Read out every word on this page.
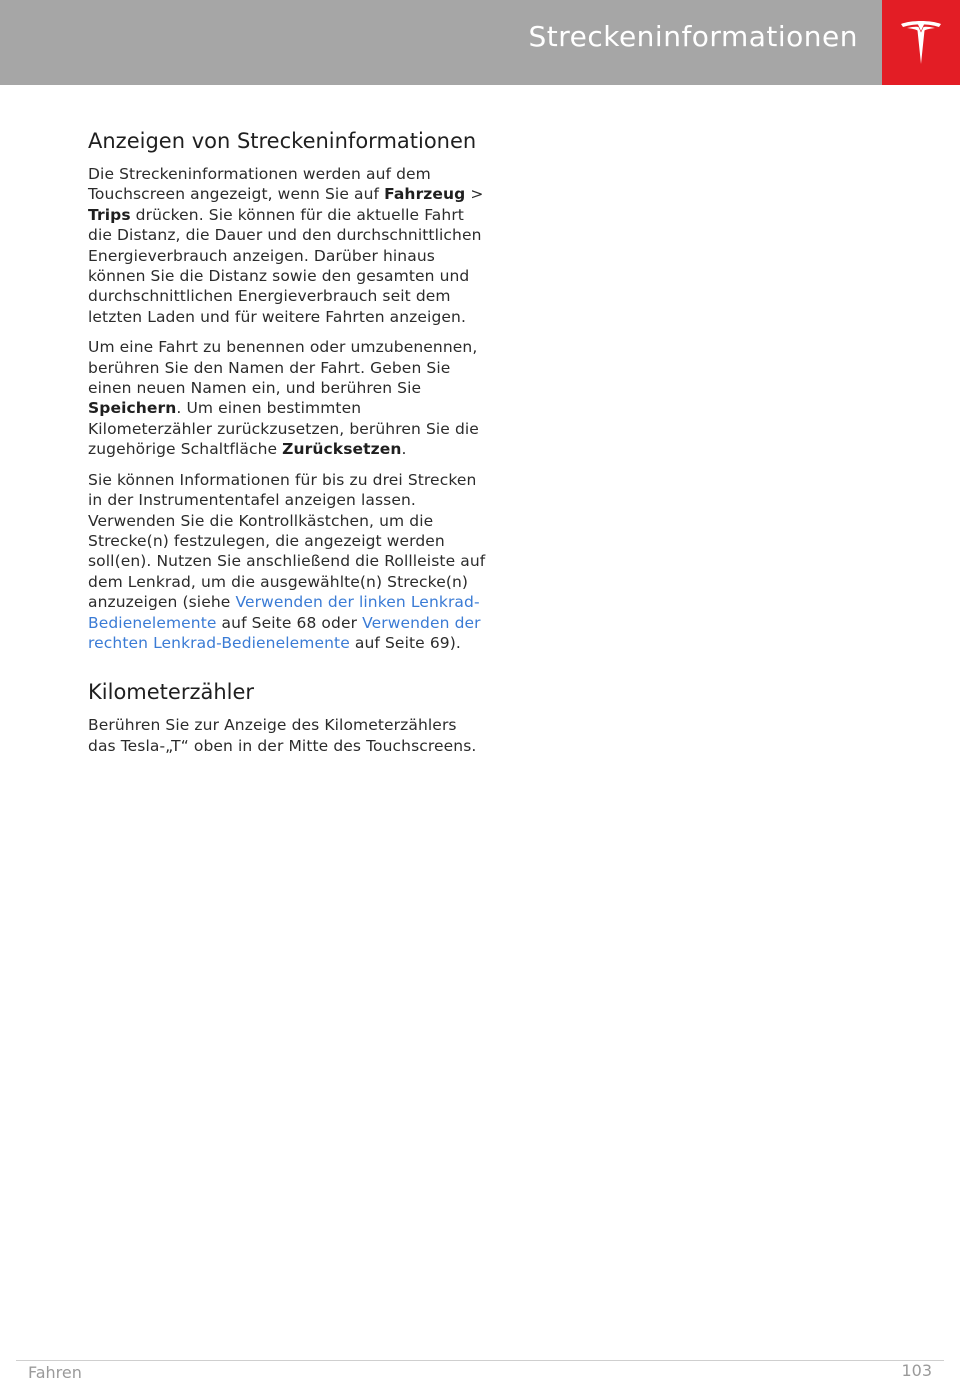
Streckeninformationen
Anzeigen von Streckeninformationen

Die Streckeninformationen werden auf dem Touchscreen angezeigt, wenn Sie auf Fahrzeug > Trips drücken. Sie können für die aktuelle Fahrt die Distanz, die Dauer und den durchschnittlichen Energieverbrauch anzeigen. Darüber hinaus können Sie die Distanz sowie den gesamten und durchschnittlichen Energieverbrauch seit dem letzten Laden und für weitere Fahrten anzeigen.

Um eine Fahrt zu benennen oder umzubenennen, berühren Sie den Namen der Fahrt. Geben Sie einen neuen Namen ein, und berühren Sie Speichern. Um einen bestimmten Kilometerzähler zurückzusetzen, berühren Sie die zugehörige Schaltfläche Zurücksetzen.

Sie können Informationen für bis zu drei Strecken in der Instrumententafel anzeigen lassen. Verwenden Sie die Kontrollkästchen, um die Strecke(n) festzulegen, die angezeigt werden soll(en). Nutzen Sie anschließend die Rollleiste auf dem Lenkrad, um die ausgewählte(n) Strecke(n) anzuzeigen (siehe Verwenden der linken Lenkrad-Bedienelemente auf Seite 68 oder Verwenden der rechten Lenkrad-Bedienelemente auf Seite 69).

Kilometerzähler

Berühren Sie zur Anzeige des Kilometerzählers das Tesla-„T“ oben in der Mitte des Touchscreens.

Fahren	103
